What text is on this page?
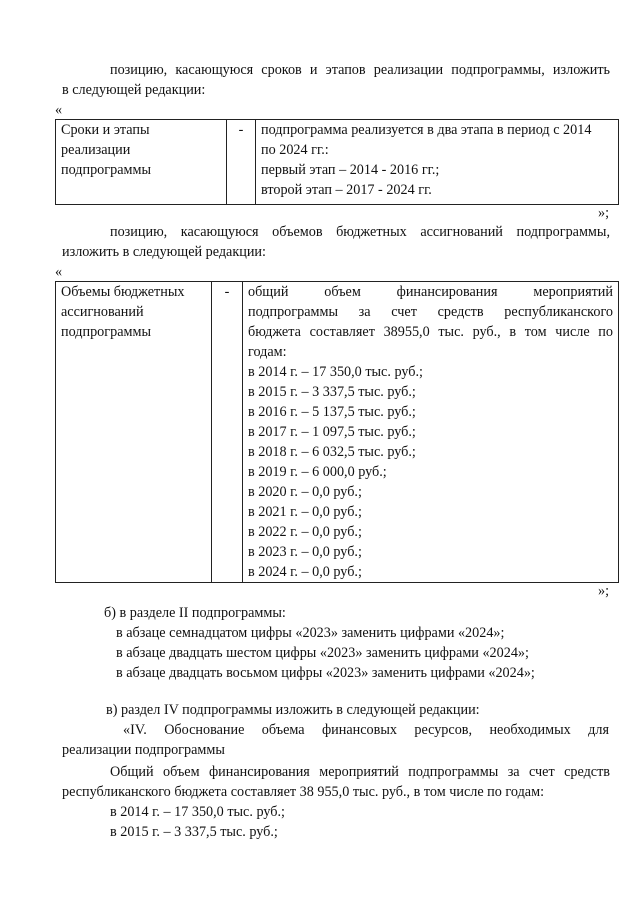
позицию, касающуюся сроков и этапов реализации подпрограммы, изложить
в следующей редакции:
«
Сроки и этапы
реализации
подпрограммы
	-	подпрограмма реализуется в два этапа в период с 2014
по 2024 гг.:
первый этап – 2014 - 2016 гг.;
второй этап – 2017 - 2024 гг.
»;
позицию, касающуюся объемов бюджетных ассигнований подпрограммы,
изложить в следующей редакции:
«
Объемы бюджетных
ассигнований
подпрограммы
	-	общий объем финансирования мероприятий
подпрограммы за счет средств республиканского
бюджета составляет 38955,0 тыс. руб., в том числе по
годам:
в 2014 г. – 17 350,0 тыс. руб.;
в 2015 г. – 3 337,5 тыс. руб.;
в 2016 г. – 5 137,5 тыс. руб.;
в 2017 г. – 1 097,5 тыс. руб.;
в 2018 г. – 6 032,5 тыс. руб.;
в 2019 г. – 6 000,0 руб.;
в 2020 г. – 0,0 руб.;
в 2021 г. – 0,0 руб.;
в 2022 г. – 0,0 руб.;
в 2023 г. – 0,0 руб.;
в 2024 г. – 0,0 руб.;
»;
б) в разделе II подпрограммы:
в абзаце семнадцатом цифры «2023» заменить цифрами «2024»;
в абзаце двадцать шестом цифры «2023» заменить цифрами «2024»;
в абзаце двадцать восьмом цифры «2023» заменить цифрами «2024»;
в) раздел IV подпрограммы изложить в следующей редакции:
«IV. Обоснование объема финансовых ресурсов, необходимых для
реализации подпрограммы
Общий объем финансирования мероприятий подпрограммы за счет средств
республиканского бюджета составляет 38 955,0 тыс. руб., в том числе по годам:
в 2014 г. – 17 350,0 тыс. руб.;
в 2015 г. – 3 337,5 тыс. руб.;
